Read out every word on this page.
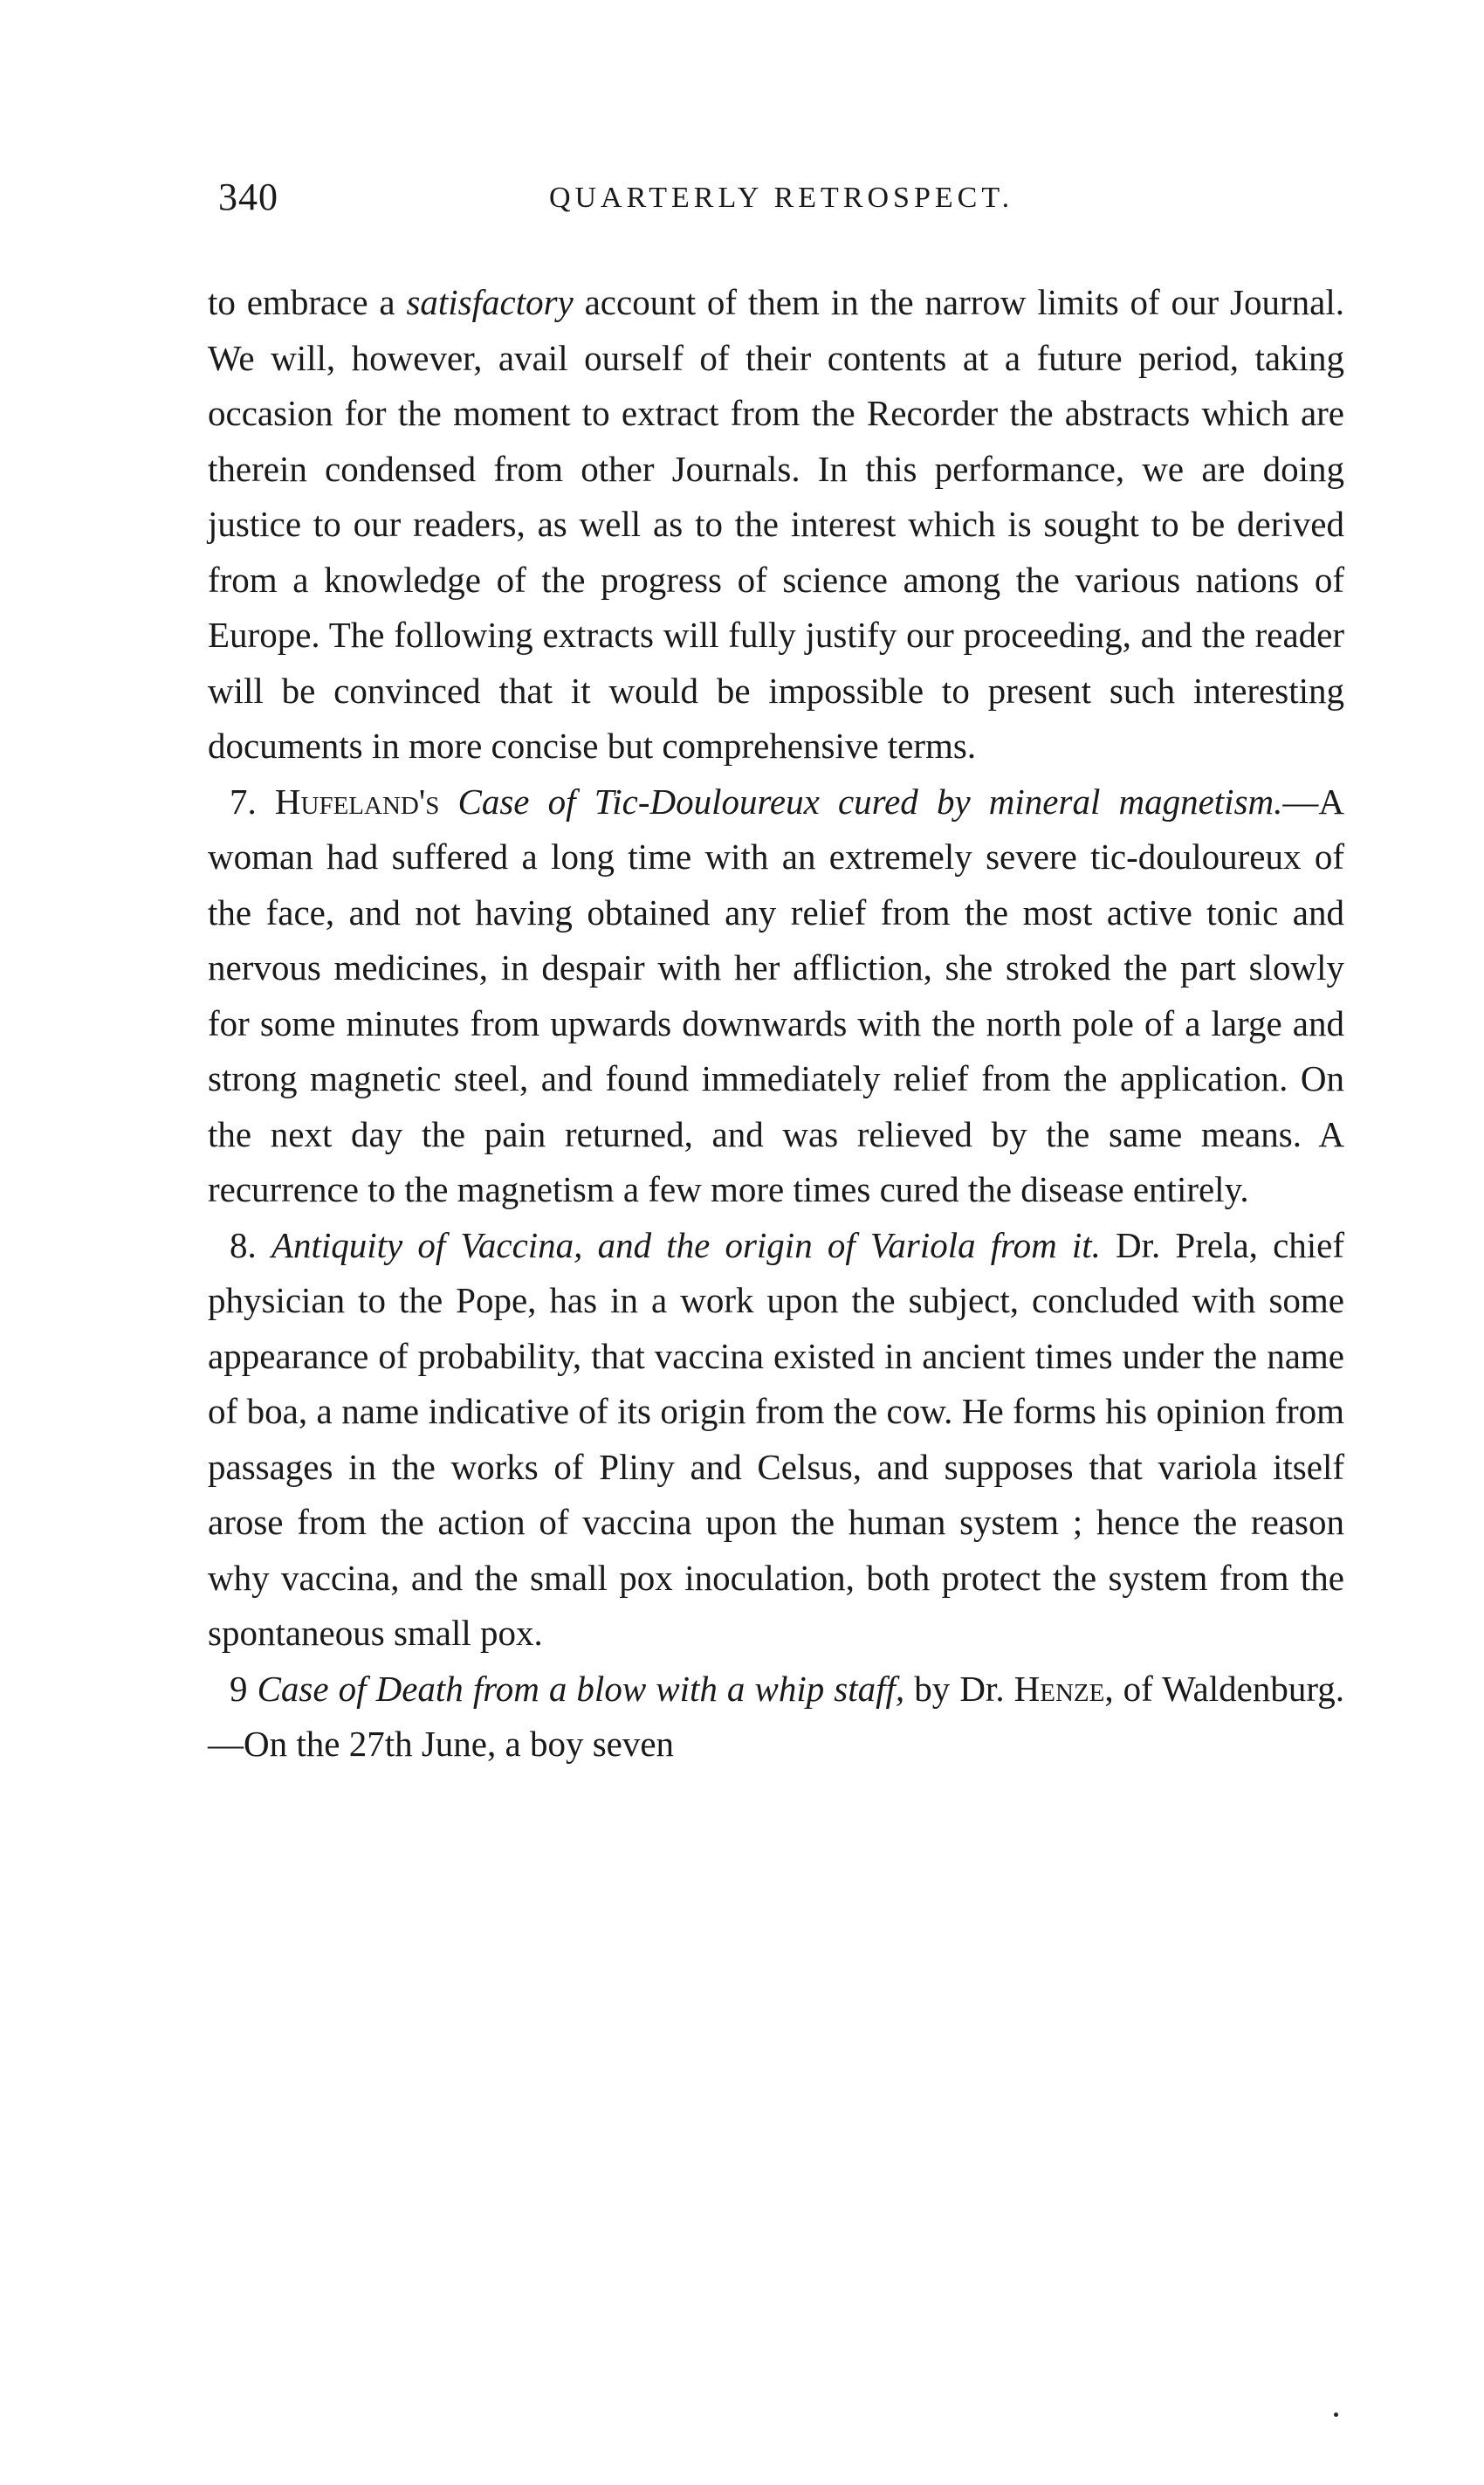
340	QUARTERLY RETROSPECT.

to embrace a satisfactory account of them in the narrow limits of our Journal. We will, however, avail ourself of their contents at a future period, taking occasion for the moment to extract from the Recorder the abstracts which are therein condensed from other Journals. In this performance, we are doing justice to our readers, as well as to the interest which is sought to be derived from a knowledge of the progress of science among the various nations of Europe. The following extracts will fully justify our proceeding, and the reader will be convinced that it would be impossible to present such interesting documents in more concise but comprehensive terms.

7. Hufeland's Case of Tic-Douloureux cured by mineral magnetism.—A woman had suffered a long time with an extremely severe tic-douloureux of the face, and not having obtained any relief from the most active tonic and nervous medicines, in despair with her affliction, she stroked the part slowly for some minutes from upwards downwards with the north pole of a large and strong magnetic steel, and found immediately relief from the application. On the next day the pain returned, and was relieved by the same means. A recurrence to the magnetism a few more times cured the disease entirely.

8. Antiquity of Vaccina, and the origin of Variola from it. Dr. Prela, chief physician to the Pope, has in a work upon the subject, concluded with some appearance of probability, that vaccina existed in ancient times under the name of boa, a name indicative of its origin from the cow. He forms his opinion from passages in the works of Pliny and Celsus, and supposes that variola itself arose from the action of vaccina upon the human system ; hence the reason why vaccina, and the small pox inoculation, both protect the system from the spontaneous small pox.

9 Case of Death from a blow with a whip staff, by Dr. Henze, of Waldenburg.—On the 27th June, a boy seven
